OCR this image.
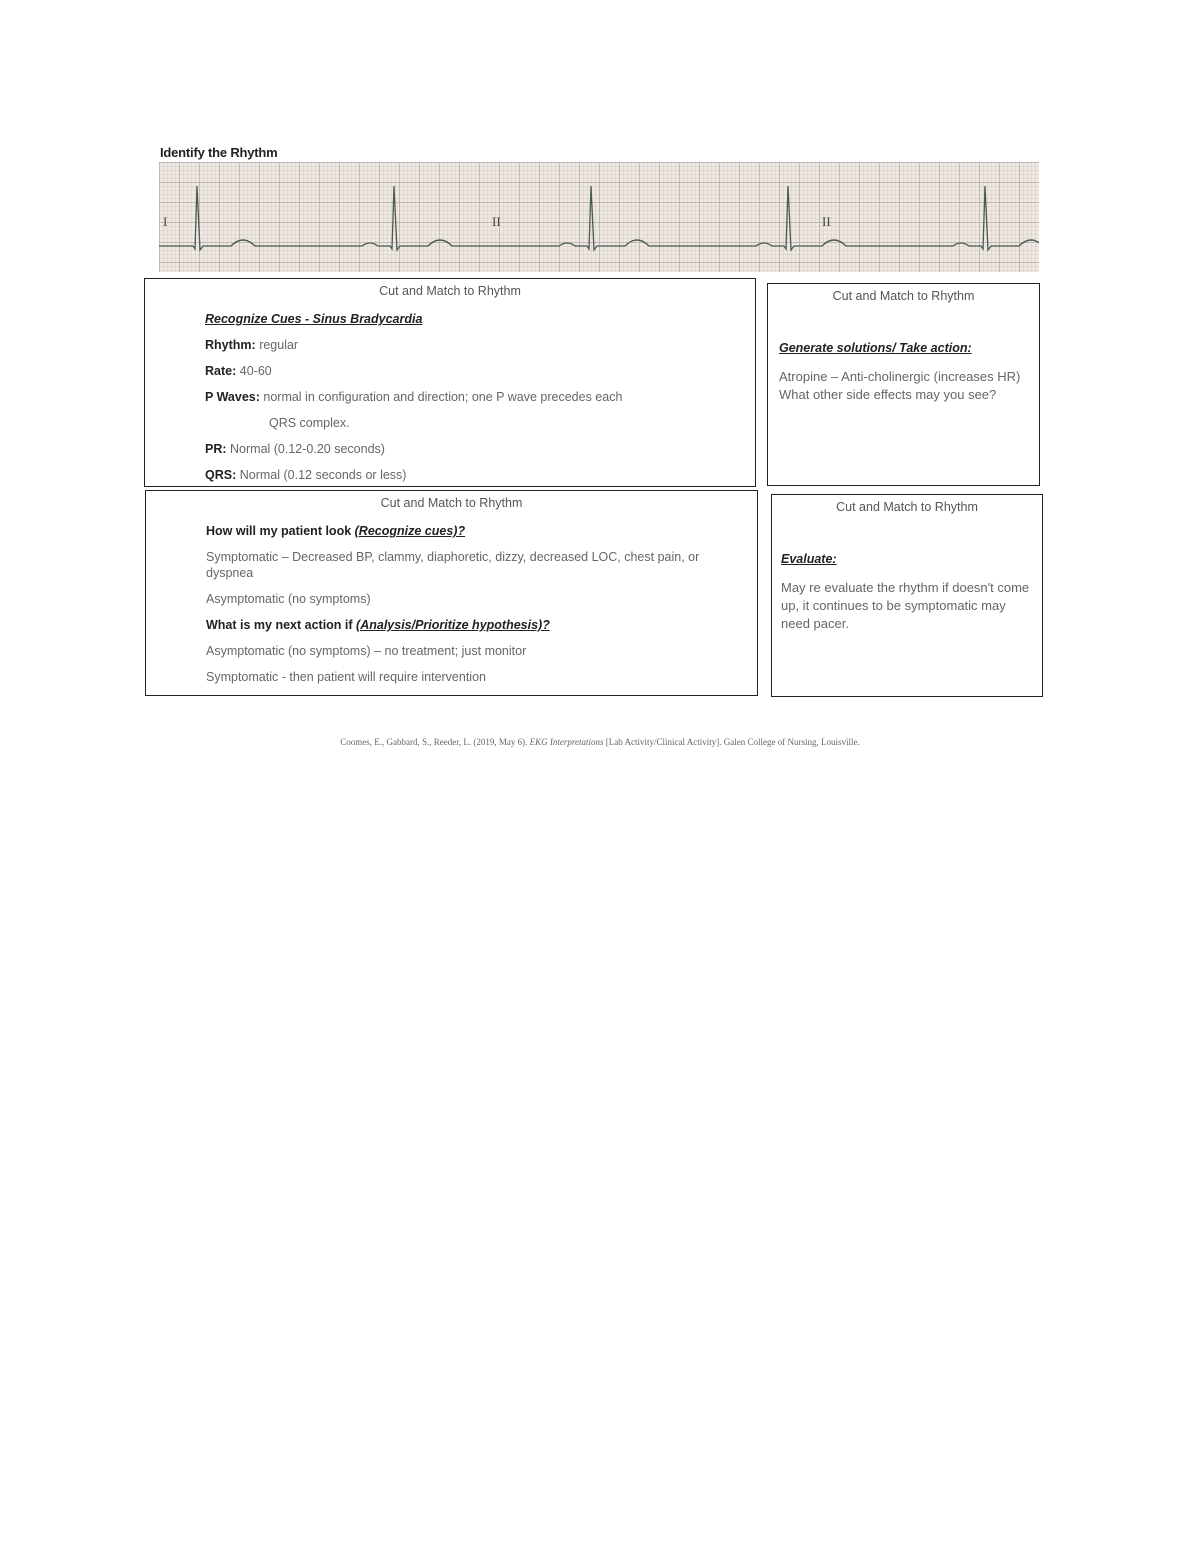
Identify the Rhythm
I	II	II
Cut and Match to Rhythm
Recognize Cues - Sinus Bradycardia
Rhythm: regular
Rate: 40-60
P Waves: normal in configuration and direction; one P wave precedes each
QRS complex.
PR: Normal (0.12-0.20 seconds)
QRS: Normal (0.12 seconds or less)
Cut and Match to Rhythm
Generate solutions/ Take action:
Atropine – Anti-cholinergic (increases HR) What other side effects may you see?
Cut and Match to Rhythm
How will my patient look (Recognize cues)?
Symptomatic – Decreased BP, clammy, diaphoretic, dizzy, decreased LOC, chest pain, or dyspnea
Asymptomatic (no symptoms)
What is my next action if (Analysis/Prioritize hypothesis)?
Asymptomatic (no symptoms) – no treatment; just monitor
Symptomatic - then patient will require intervention
Cut and Match to Rhythm
Evaluate:
May re evaluate the rhythm if doesn't come up, it continues to be symptomatic may need pacer.
Coomes, E., Gabbard, S., Reeder, L. (2019, May 6). EKG Interpretations [Lab Activity/Clinical Activity]. Galen College of Nursing, Louisville.
